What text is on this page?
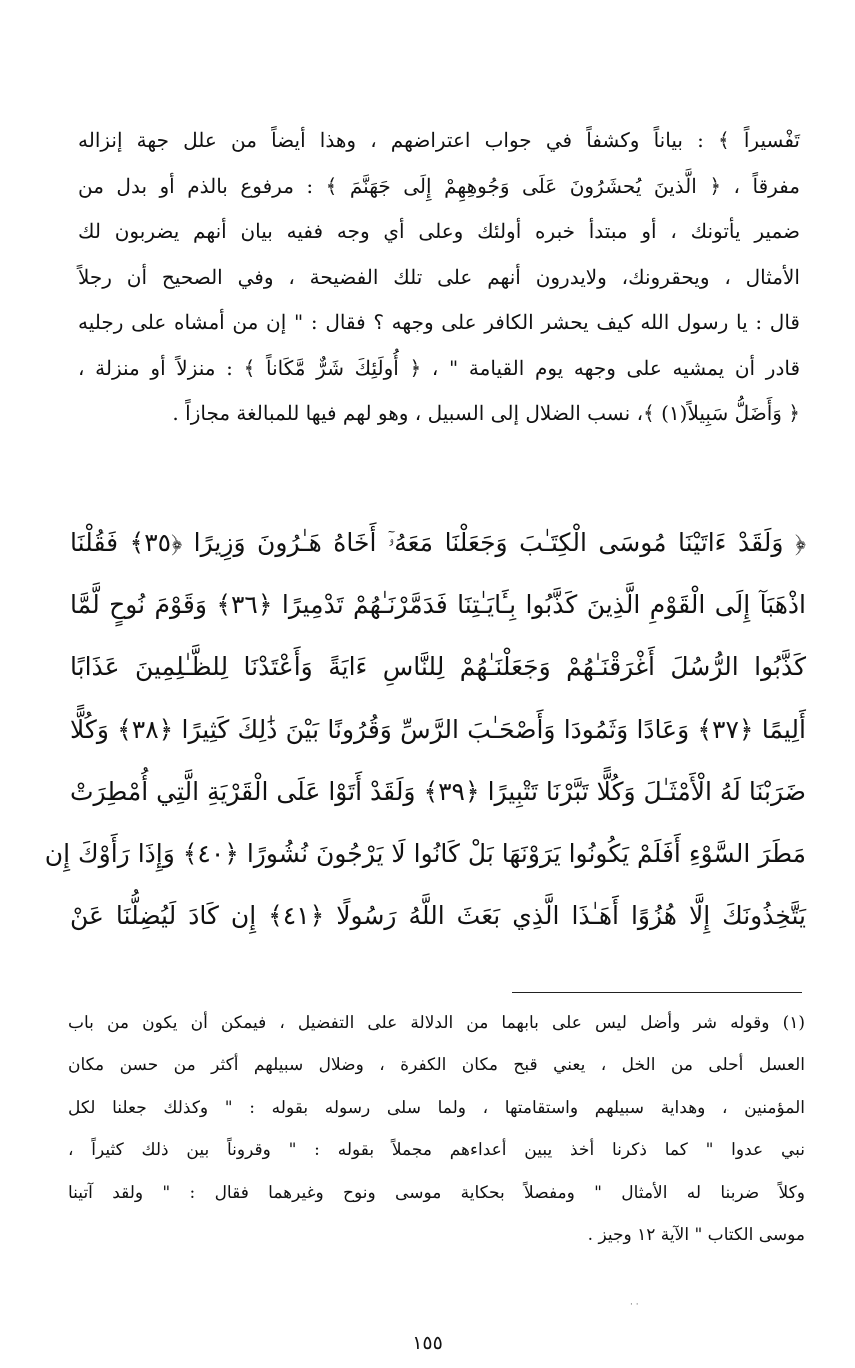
تَفْسيراً ﴾ : بياناً وكشفاً في جواب اعتراضهم ، وهذا أيضاً من علل جهة إنزاله
مفرقاً ، ﴿ الَّذينَ يُحشَرُونَ عَلَى وَجُوهِهِمْ إِلَى جَهَنَّمَ ﴾ : مرفوع بالذم أو بدل من
ضمير يأتونك ، أو مبتدأ خبره أولئك وعلى أي وجه ففيه بيان أنهم يضربون لك
الأمثال ، ويحقرونك، ولايدرون أنهم على تلك الفضيحة ، وفي الصحيح أن رجلاً
قال : يا رسول الله كيف يحشر الكافر على وجهه ؟ فقال : " إن من أمشاه على رجليه
قادر أن يمشيه على وجهه يوم القيامة " ، ﴿ أُولَئِكَ شَرٌّ مَّكَاناً ﴾ : منزلاً أو منزلة ،
﴿ وَأَضَلُّ سَبِيلاً(١) ﴾، نسب الضلال إلى السبيل ، وهو لهم فيها للمبالغة مجازاً .
﴿ وَلَقَدْ ءَاتَيْنَا مُوسَى الْكِتَـٰبَ وَجَعَلْنَا مَعَهُۥٓ أَخَاهُ هَـٰرُونَ وَزِيرًا ﴿٣٥﴾ فَقُلْنَا
اذْهَبَآ إِلَى الْقَوْمِ الَّذِينَ كَذَّبُوا بِـَٔايَـٰتِنَا فَدَمَّرْنَـٰهُمْ تَدْمِيرًا ﴿٣٦﴾ وَقَوْمَ نُوحٍ لَّمَّا
كَذَّبُوا الرُّسُلَ أَغْرَقْنَـٰهُمْ وَجَعَلْنَـٰهُمْ لِلنَّاسِ ءَايَةً وَأَعْتَدْنَا لِلظَّـٰلِمِينَ عَذَابًا
أَلِيمًا ﴿٣٧﴾ وَعَادًا وَثَمُودَا وَأَصْحَـٰبَ الرَّسِّ وَقُرُونًا بَيْنَ ذَٰلِكَ كَثِيرًا ﴿٣٨﴾ وَكُلًّا
ضَرَبْنَا لَهُ الْأَمْثَـٰلَ وَكُلًّا تَبَّرْنَا تَتْبِيرًا ﴿٣٩﴾ وَلَقَدْ أَتَوْا عَلَى الْقَرْيَةِ الَّتِي أُمْطِرَتْ
مَطَرَ السَّوْءِ أَفَلَمْ يَكُونُوا يَرَوْنَهَا بَلْ كَانُوا لَا يَرْجُونَ نُشُورًا ﴿٤٠﴾ وَإِذَا رَأَوْكَ إِن
يَتَّخِذُونَكَ إِلَّا هُزُوًا أَهَـٰذَا الَّذِي بَعَثَ اللَّهُ رَسُولًا ﴿٤١﴾ إِن كَادَ لَيُضِلُّنَا عَنْ
(١) وقوله شر وأضل ليس على بابهما من الدلالة على التفضيل ، فيمكن أن يكون من باب
العسل أحلى من الخل ، يعني قبح مكان الكفرة ، وضلال سبيلهم أكثر من حسن مكان
المؤمنين ، وهداية سبيلهم واستقامتها ، ولما سلى رسوله بقوله : " وكذلك جعلنا لكل
نبي عدوا " كما ذكرنا أخذ يبين أعداءهم مجملاً بقوله : " وقروناً بين ذلك كثيراً ،
وكلاً ضربنا له الأمثال " ومفصلاً بحكاية موسى ونوح وغيرهما فقال : " ولقد آتينا
موسى الكتاب " الآية ١٢ وجيز .
· ·
١٥٥
